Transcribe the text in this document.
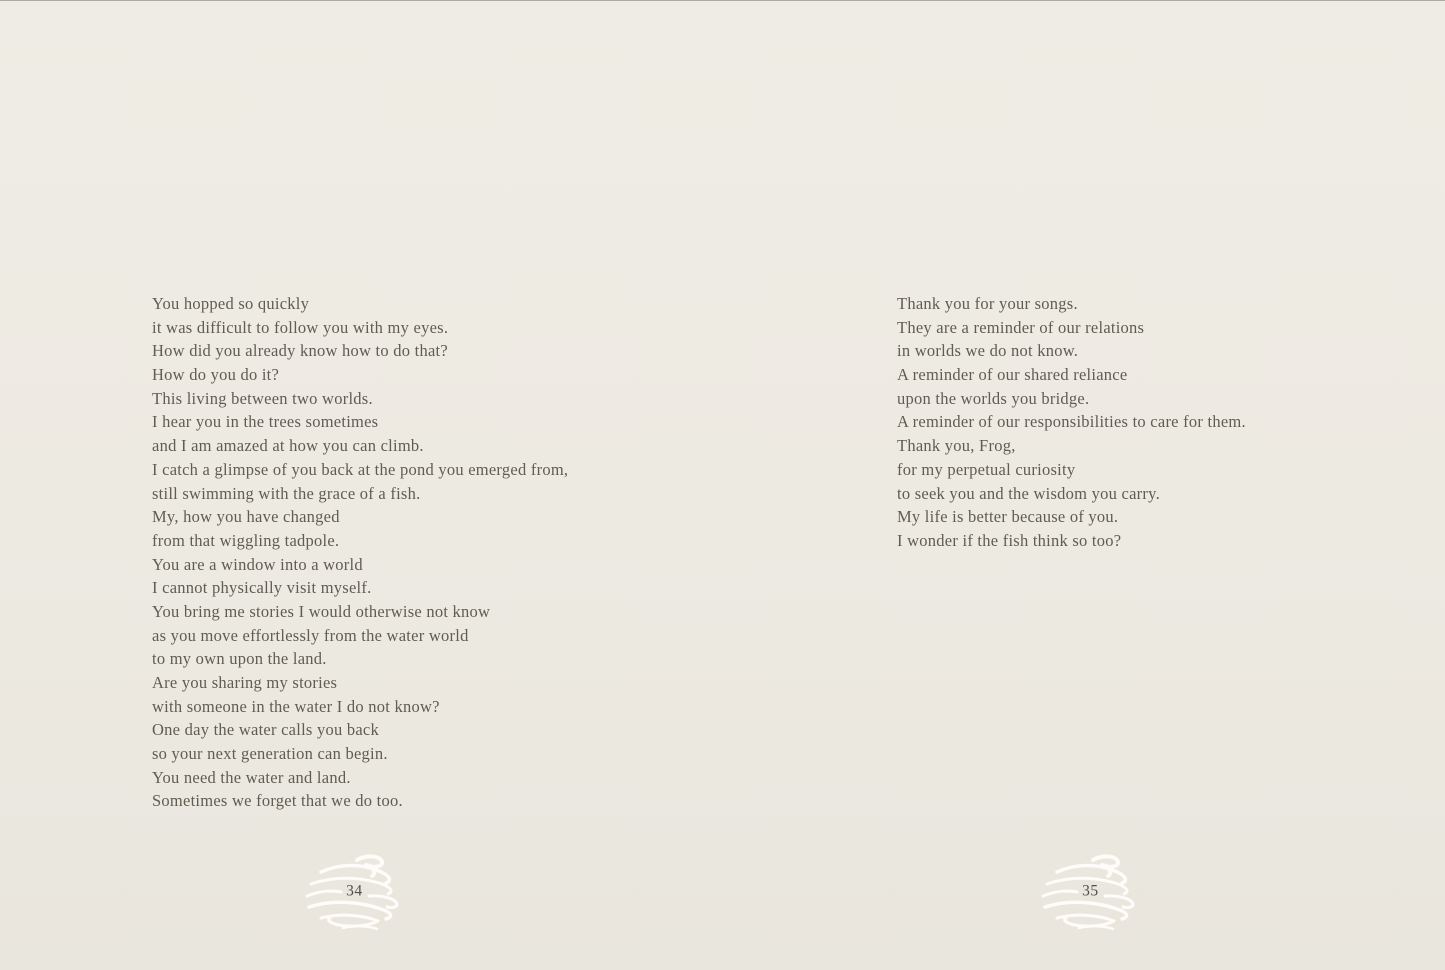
You hopped so quickly
it was difficult to follow you with my eyes.
How did you already know how to do that?
How do you do it?
This living between two worlds.
I hear you in the trees sometimes
and I am amazed at how you can climb.
I catch a glimpse of you back at the pond you emerged from,
still swimming with the grace of a fish.
My, how you have changed
from that wiggling tadpole.
You are a window into a world
I cannot physically visit myself.
You bring me stories I would otherwise not know
as you move effortlessly from the water world
to my own upon the land.
Are you sharing my stories
with someone in the water I do not know?
One day the water calls you back
so your next generation can begin.
You need the water and land.
Sometimes we forget that we do too.
34
Thank you for your songs.
They are a reminder of our relations
in worlds we do not know.
A reminder of our shared reliance
upon the worlds you bridge.
A reminder of our responsibilities to care for them.
Thank you, Frog,
for my perpetual curiosity
to seek you and the wisdom you carry.
My life is better because of you.
I wonder if the fish think so too?
35
